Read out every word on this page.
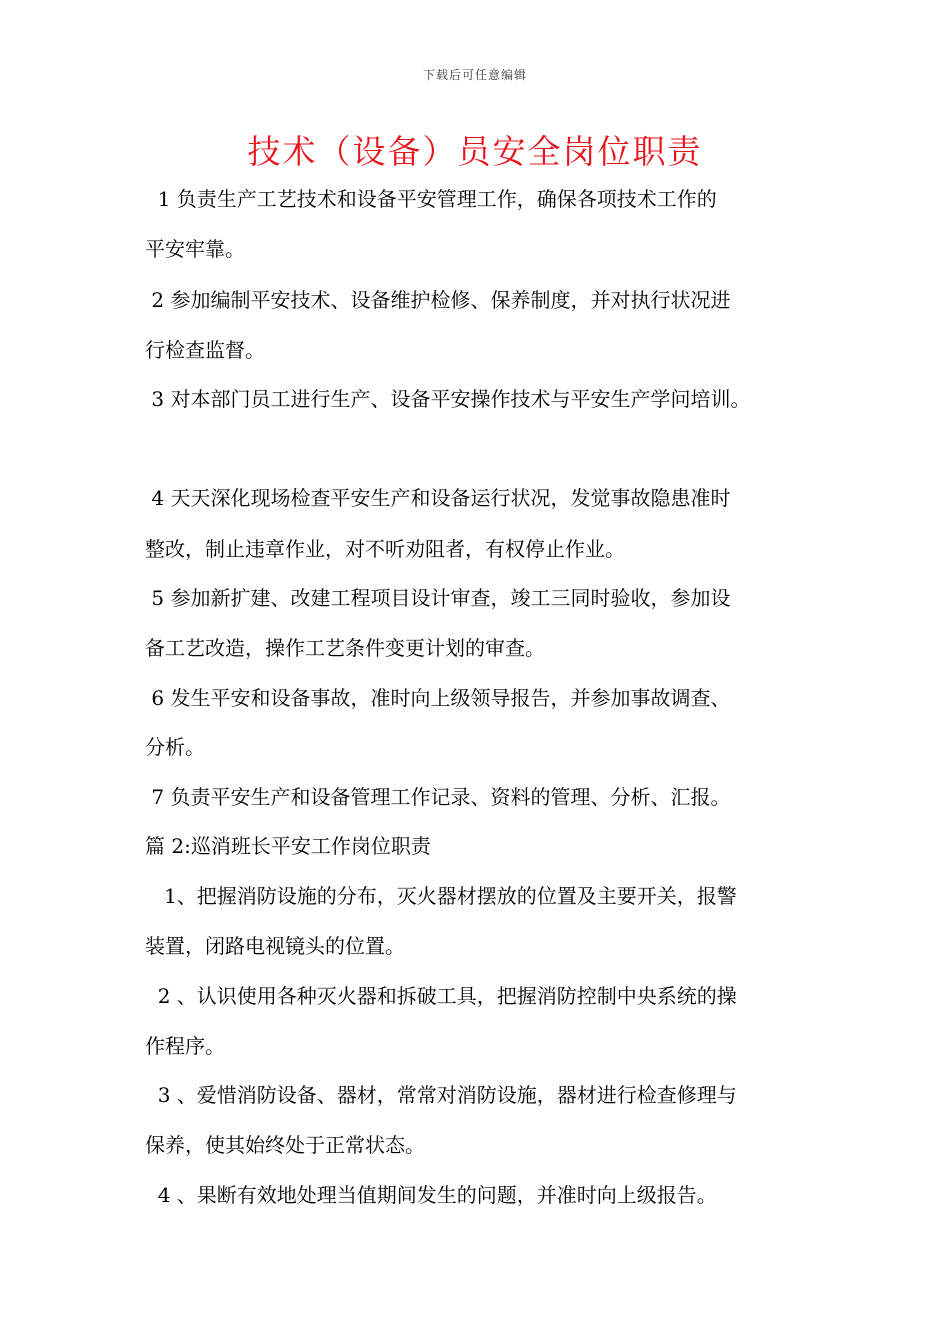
下载后可任意编辑
技术（设备）员安全岗位职责
1 负责生产工艺技术和设备平安管理工作，确保各项技术工作的
平安牢靠。
2 参加编制平安技术、设备维护检修、保养制度，并对执行状况进
行检查监督。
3 对本部门员工进行生产、设备平安操作技术与平安生产学问培训。
4 天天深化现场检查平安生产和设备运行状况，发觉事故隐患准时
整改，制止违章作业，对不听劝阻者，有权停止作业。
5 参加新扩建、改建工程项目设计审查，竣工三同时验收，参加设
备工艺改造，操作工艺条件变更计划的审查。
6 发生平安和设备事故，准时向上级领导报告，并参加事故调查、
分析。
7 负责平安生产和设备管理工作记录、资料的管理、分析、汇报。
篇 2:巡消班长平安工作岗位职责
1、把握消防设施的分布，灭火器材摆放的位置及主要开关，报警
装置，闭路电视镜头的位置。
2 、认识使用各种灭火器和拆破工具，把握消防控制中央系统的操
作程序。
3 、爱惜消防设备、器材，常常对消防设施，器材进行检查修理与
保养，使其始终处于正常状态。
4 、果断有效地处理当值期间发生的问题，并准时向上级报告。
